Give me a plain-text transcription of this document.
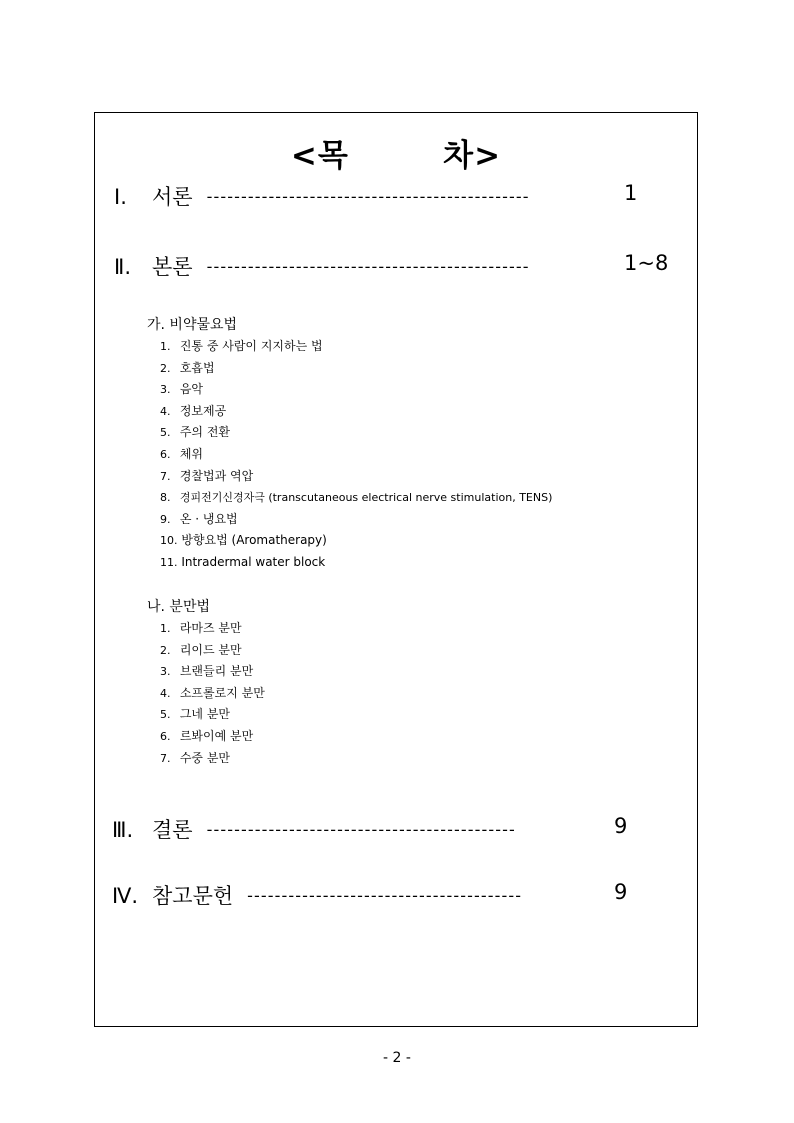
<목        차>
Ⅰ. 서론 -----------------------------------------------	1
Ⅱ. 본론 -----------------------------------------------	1~8
가. 비약물요법
1. 진통 중 사람이 지지하는 법
2. 호흡법
3. 음악
4. 정보제공
5. 주의 전환
6. 체위
7. 경찰법과 역압
8. 경피전기신경자극 (transcutaneous electrical nerve stimulation, TENS)
9. 온 · 냉요법
10. 방향요법 (Aromatherapy)
11. Intradermal water block
나. 분만법
1. 라마즈 분만
2. 리이드 분만
3. 브랜들리 분만
4. 소프롤로지 분만
5. 그네 분만
6. 르봐이예 분만
7. 수중 분만
Ⅲ. 결론 ---------------------------------------------	9
Ⅳ. 참고문헌 ----------------------------------------	9
- 2 -
